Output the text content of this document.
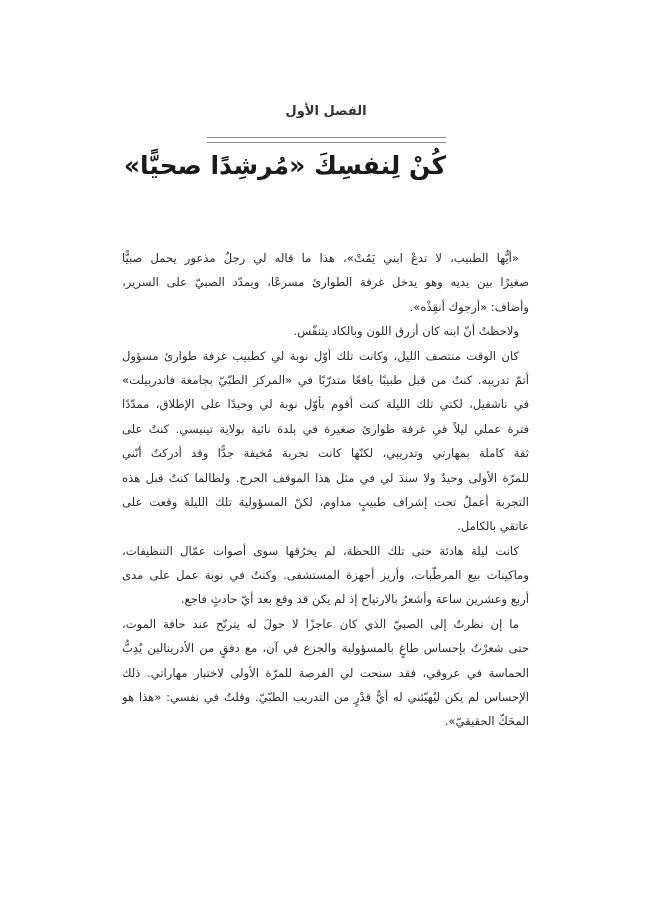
الفصل الأول
كُنْ لِنفسِكَ «مُرشِدًا صحيًّا»
«أيُّها الطبيب، لا تدعْ ابني يَمُتْ»، هذا ما قاله لي رجلٌ مذعور يحمل صبيًّا
صغيرًا بين يديه وهو يدخل غرفة الطوارئ مسرعًا، ويمدّد الصبيّ على السرير،
وأضاف: «أرجوك أنقِذْه».
ولاحظتُ أنّ ابنه كان أزرق اللون وبالكاد يتنفّس.
كان الوقت منتصف الليل، وكانت تلك أوّل نوبة لي كطبيب غرفة طوارئ مسؤول
أتمّ تدريبه. كنتُ من قبل طبيبًا يافعًا متدرّبًا في «المركز الطبّيّ بجامعة فاندربيلت»
في ناشفيل، لكني تلك الليلة كنت أقوم بأوّل نوبة لي وحيدًا على الإطلاق، ممدّدًا
فترة عملي ليلاً في غرفة طوارئ صغيرة في بلدة نائية بولاية تينيسي. كنتُ على
ثقة كاملة بمهارتي وتدريبي، لكنّها كانت تجربة مُخيفة جدًّا وقد أدركتُ أنّني
للمرّة الأولى وحيدٌ ولا سندَ لي في مثل هذا الموقف الحرج. ولطالما كنتُ قبل هذه
التجربة أعملُ تحت إشراف طبيبٍ مداوم، لكنّ المسؤولية تلك الليلة وقعت على
عاتقي بالكامل.
كانت ليلة هادئة حتى تلك اللحظة، لم يخرُقها سوى أصوات عمّال التنظيفات،
وماكينات بيع المرطّبات، وأزيز أجهزة المستشفى. وكنتُ في نوبة عمل على مدى
أربع وعشرين ساعة وأشعرُ بالارتياح إذ لم يكن قد وقع بعد أيّ حادثٍ فاجع.
ما إن نظرتُ إلى الصبيّ الذي كان عاجزًا لا حولَ له يترنّح عند حافة الموت،
حتى شعرْتُ بإحساس طاغٍ بالمسؤولية والجزع في آن، مع دفقٍ من الأدرينالين يُدِبُّ
الحماسة في عروقي، فقد سنحت لي الفرصة للمرّة الأولى لاختبار مهاراتي. ذلك
الإحساس لم يكن ليُهيّئني له أيُّ قدْرٍ من التدريب الطبّيّ. وقلتُ في نفسي: «هذا هو
المحَكّ الحقيقيّ».
